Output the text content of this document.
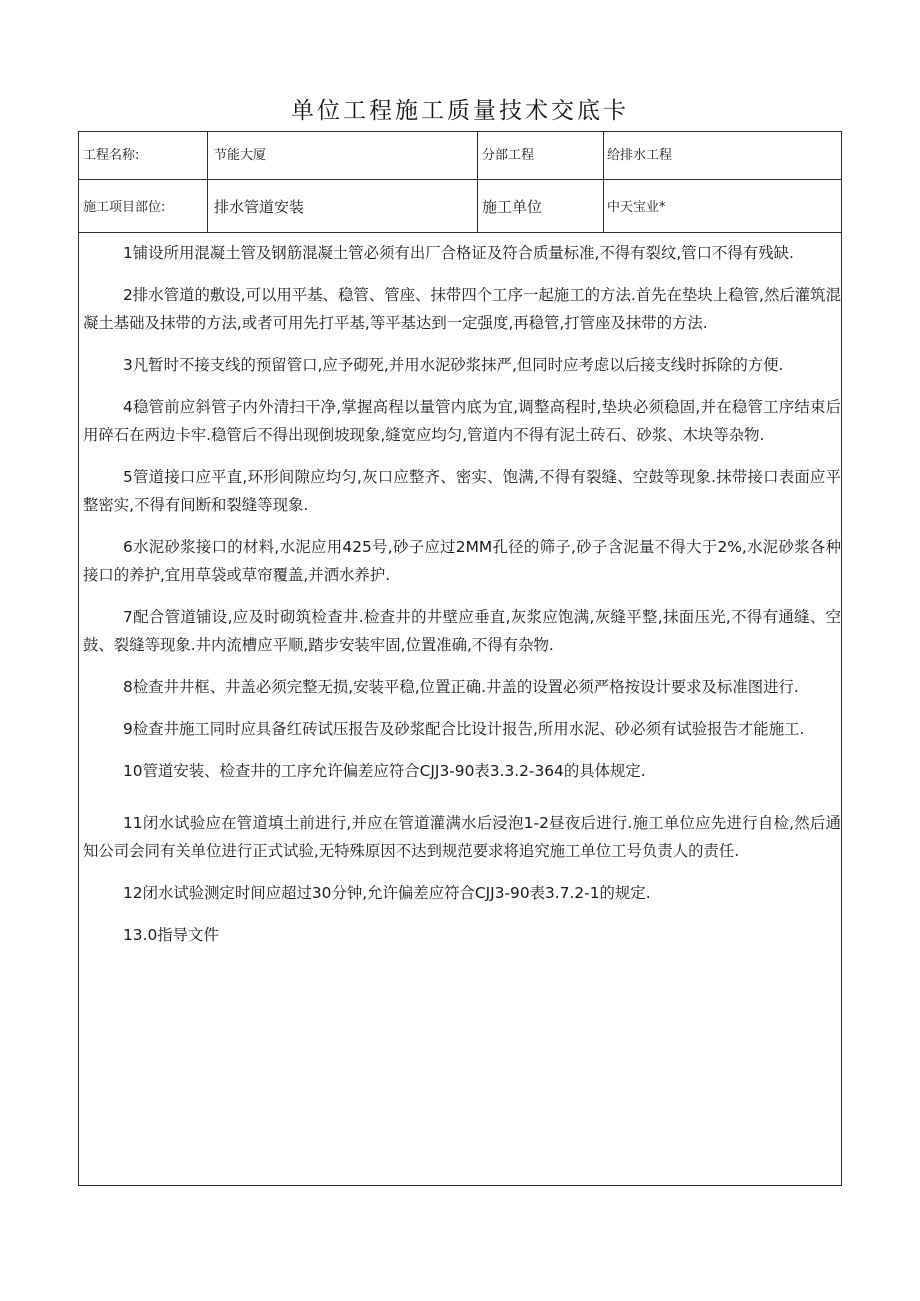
单位工程施工质量技术交底卡
工程名称:	节能大厦	分部工程	给排水工程
施工项目部位:	排水管道安装	施工单位	中天宝业*

1铺设所用混凝土管及钢筋混凝土管必须有出厂合格证及符合质量标准,不得有裂纹,管口不得有残缺.

2排水管道的敷设,可以用平基、稳管、管座、抹带四个工序一起施工的方法.首先在垫块上稳管,然后灌筑混凝土基础及抹带的方法,或者可用先打平基,等平基达到一定强度,再稳管,打管座及抹带的方法.

3凡暂时不接支线的预留管口,应予砌死,并用水泥砂浆抹严,但同时应考虑以后接支线时拆除的方便.

4稳管前应斜管子内外清扫干净,掌握高程以量管内底为宜,调整高程时,垫块必须稳固,并在稳管工序结束后用碎石在两边卡牢.稳管后不得出现倒坡现象,缝宽应均匀,管道内不得有泥土砖石、砂浆、木块等杂物.

5管道接口应平直,环形间隙应均匀,灰口应整齐、密实、饱满,不得有裂缝、空鼓等现象.抹带接口表面应平整密实,不得有间断和裂缝等现象.

6水泥砂浆接口的材料,水泥应用425号,砂子应过2MM孔径的筛子,砂子含泥量不得大于2%,水泥砂浆各种接口的养护,宜用草袋或草帘覆盖,并洒水养护.

7配合管道铺设,应及时砌筑检查井.检查井的井壁应垂直,灰浆应饱满,灰缝平整,抹面压光,不得有通缝、空鼓、裂缝等现象.井内流槽应平顺,踏步安装牢固,位置准确,不得有杂物.

8检查井井框、井盖必须完整无损,安装平稳,位置正确.井盖的设置必须严格按设计要求及标准图进行.

9检查井施工同时应具备红砖试压报告及砂浆配合比设计报告,所用水泥、砂必须有试验报告才能施工.

10管道安装、检查井的工序允许偏差应符合CJJ3-90表3.3.2-364的具体规定.

11闭水试验应在管道填土前进行,并应在管道灌满水后浸泡1-2昼夜后进行.施工单位应先进行自检,然后通知公司会同有关单位进行正式试验,无特殊原因不达到规范要求将追究施工单位工号负责人的责任.

12闭水试验测定时间应超过30分钟,允许偏差应符合CJJ3-90表3.7.2-1的规定.

13.0指导文件
